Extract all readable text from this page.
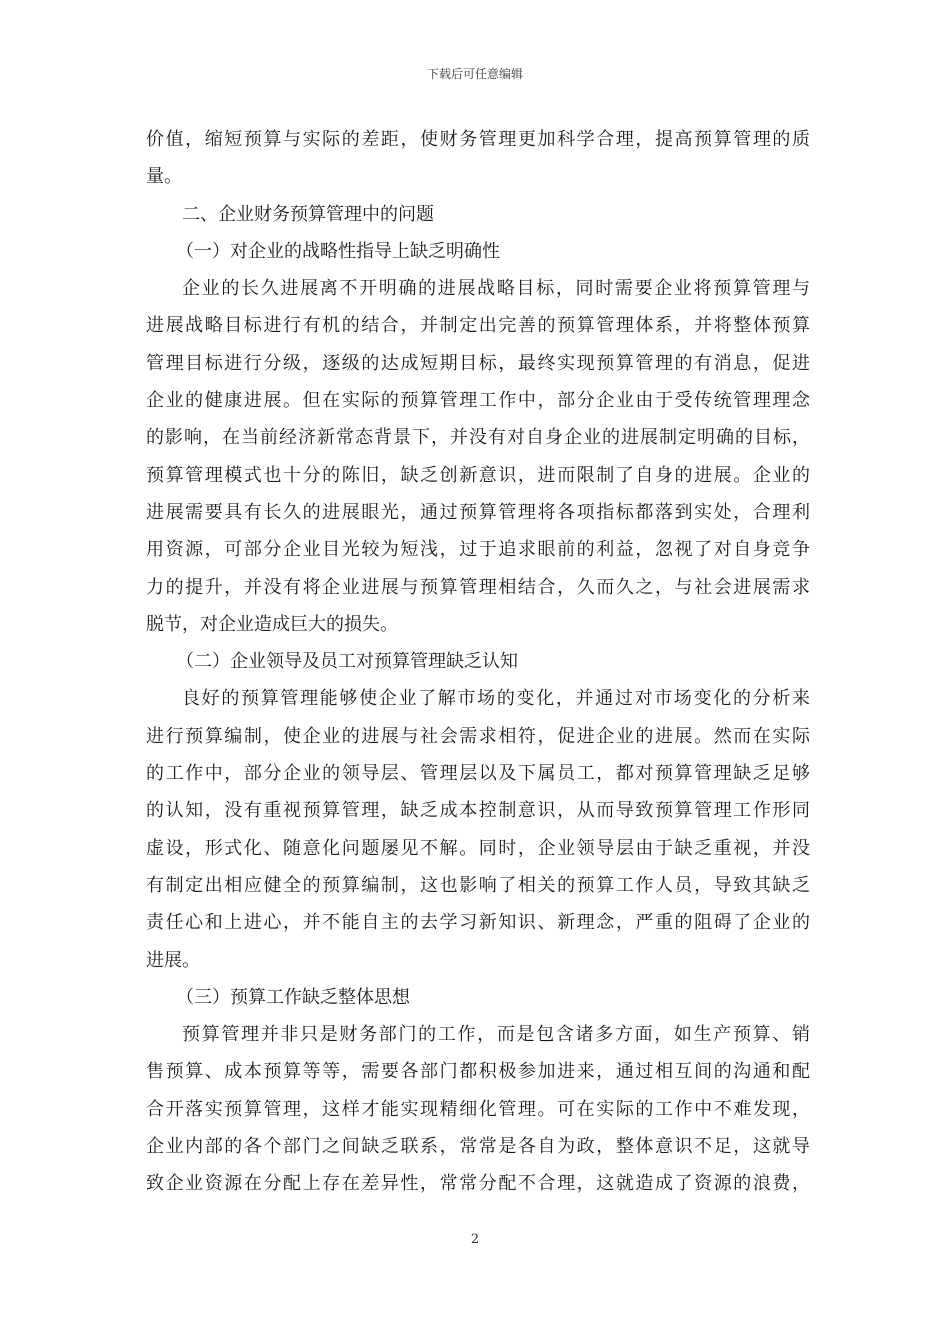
下载后可任意编辑
价值，缩短预算与实际的差距，使财务管理更加科学合理，提高预算管理的质
量。
二、企业财务预算管理中的问题
（一）对企业的战略性指导上缺乏明确性
企业的长久进展离不开明确的进展战略目标，同时需要企业将预算管理与
进展战略目标进行有机的结合，并制定出完善的预算管理体系，并将整体预算
管理目标进行分级，逐级的达成短期目标，最终实现预算管理的有消息，促进
企业的健康进展。但在实际的预算管理工作中，部分企业由于受传统管理理念
的影响，在当前经济新常态背景下，并没有对自身企业的进展制定明确的目标，
预算管理模式也十分的陈旧，缺乏创新意识，进而限制了自身的进展。企业的
进展需要具有长久的进展眼光，通过预算管理将各项指标都落到实处，合理利
用资源，可部分企业目光较为短浅，过于追求眼前的利益，忽视了对自身竞争
力的提升，并没有将企业进展与预算管理相结合，久而久之，与社会进展需求
脱节，对企业造成巨大的损失。
（二）企业领导及员工对预算管理缺乏认知
良好的预算管理能够使企业了解市场的变化，并通过对市场变化的分析来
进行预算编制，使企业的进展与社会需求相符，促进企业的进展。然而在实际
的工作中，部分企业的领导层、管理层以及下属员工，都对预算管理缺乏足够
的认知，没有重视预算管理，缺乏成本控制意识，从而导致预算管理工作形同
虚设，形式化、随意化问题屡见不解。同时，企业领导层由于缺乏重视，并没
有制定出相应健全的预算编制，这也影响了相关的预算工作人员，导致其缺乏
责任心和上进心，并不能自主的去学习新知识、新理念，严重的阻碍了企业的
进展。
（三）预算工作缺乏整体思想
预算管理并非只是财务部门的工作，而是包含诸多方面，如生产预算、销
售预算、成本预算等等，需要各部门都积极参加进来，通过相互间的沟通和配
合开落实预算管理，这样才能实现精细化管理。可在实际的工作中不难发现，
企业内部的各个部门之间缺乏联系，常常是各自为政，整体意识不足，这就导
致企业资源在分配上存在差异性，常常分配不合理，这就造成了资源的浪费，
2
